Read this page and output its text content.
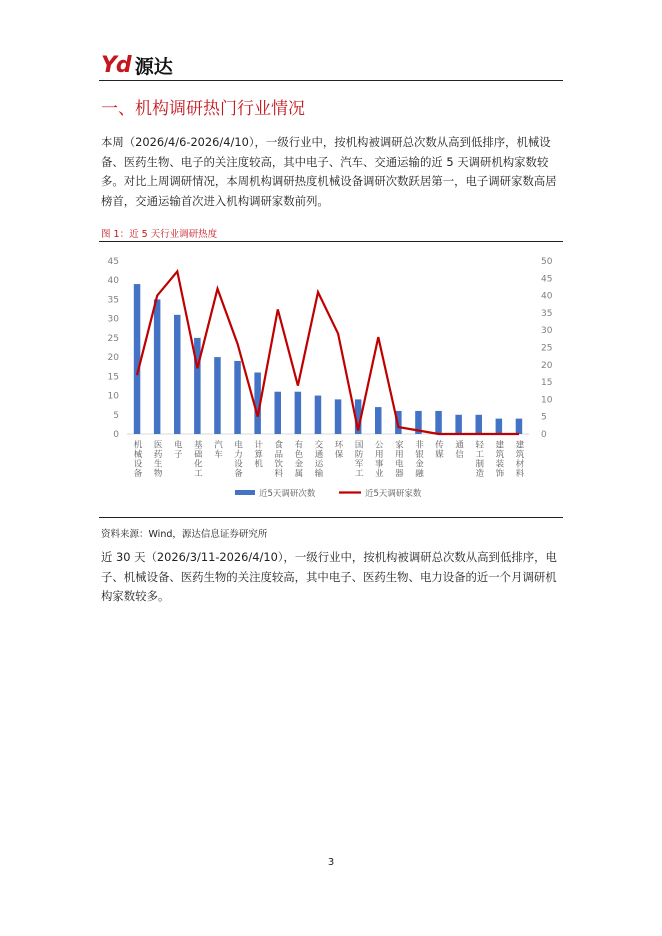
Yd 源达
一、机构调研热门行业情况
本周（2026/4/6-2026/4/10），一级行业中，按机构被调研总次数从高到低排序，机械设备、医药生物、电子的关注度较高，其中电子、汽车、交通运输的近 5 天调研机构家数较多。对比上周调研情况，本周机构调研热度机械设备调研次数跃居第一，电子调研家数高居榜首，交通运输首次进入机构调研家数前列。
图 1：近 5 天行业调研热度
0
5
10
15
20
25
30
35
40
45
0
5
10
15
20
25
30
35
40
45
50
机械设备 医药生物 电子 基础化工 汽车 电力设备 计算机 食品饮料 有色金属 交通运输 环保 国防军工 公用事业 家用电器 非银金融 传媒 通信 轻工制造 建筑装饰 建筑材料
近5天调研次数	近5天调研家数
资料来源：Wind，源达信息证券研究所
近 30 天（2026/3/11-2026/4/10），一级行业中，按机构被调研总次数从高到低排序，电子、机械设备、医药生物的关注度较高，其中电子、医药生物、电力设备的近一个月调研机构家数较多。
3
